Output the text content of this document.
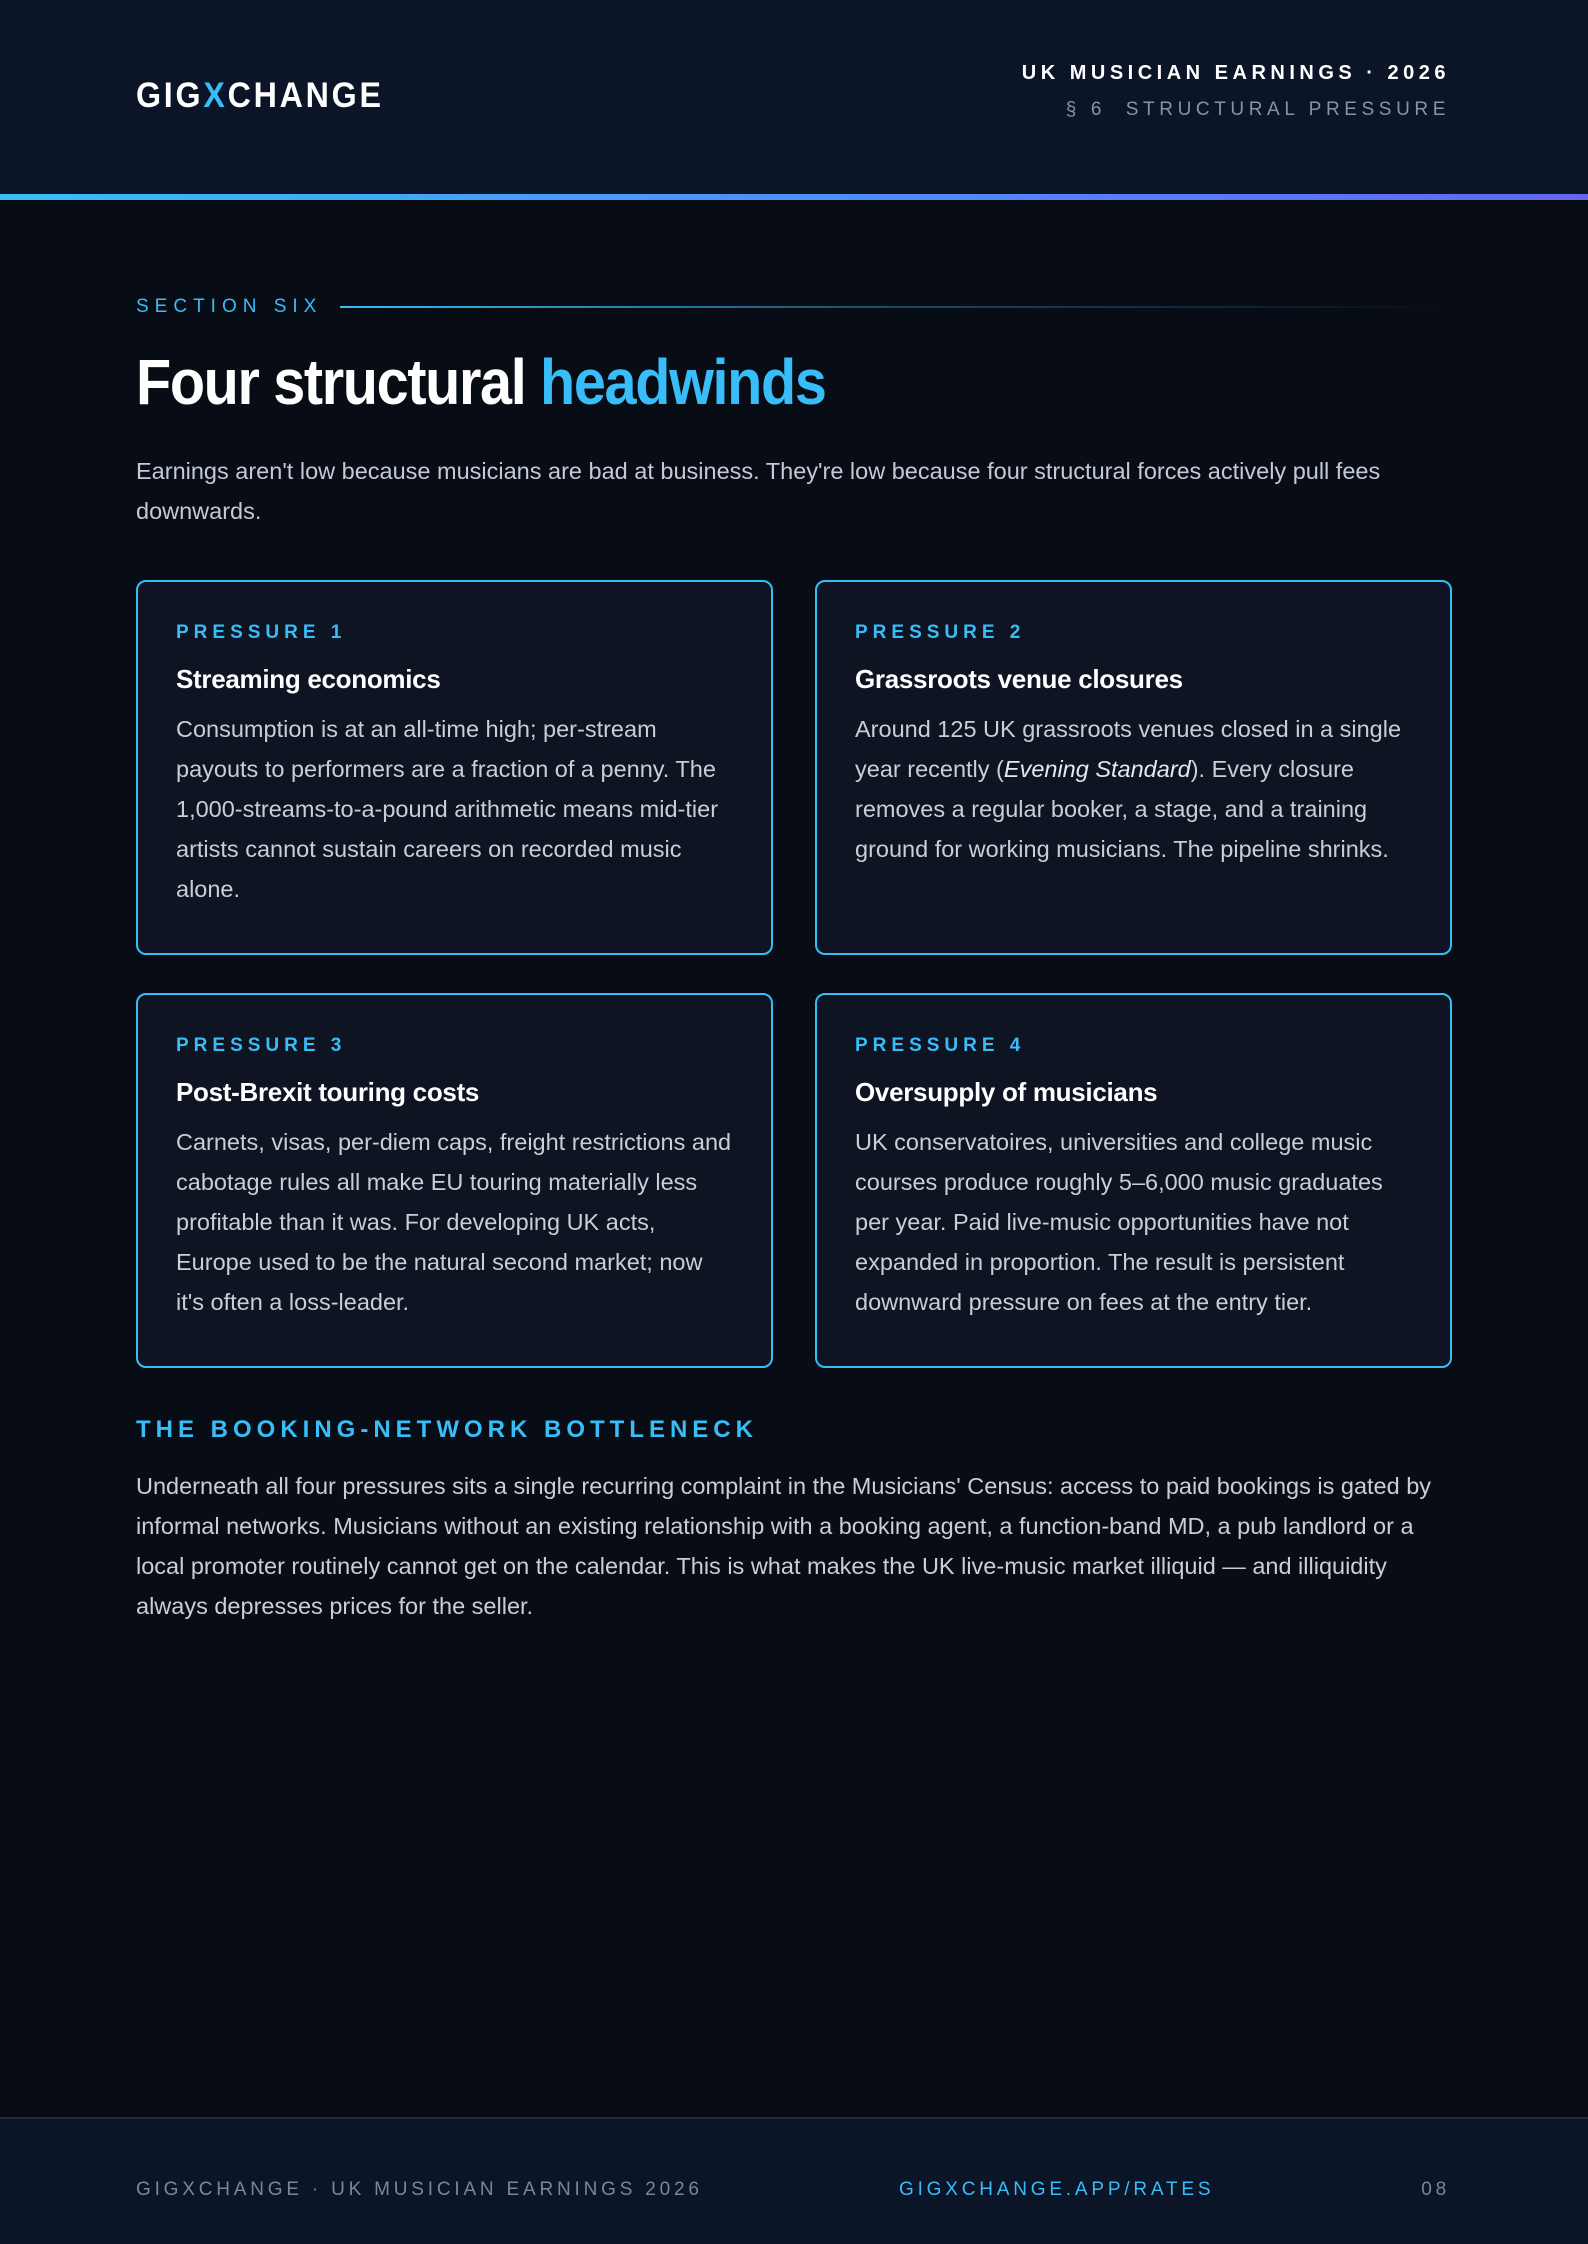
GIGXCHANGE
UK MUSICIAN EARNINGS · 2026
§ 6  STRUCTURAL PRESSURE
SECTION SIX
Four structural headwinds

Earnings aren't low because musicians are bad at business. They're low because four structural forces actively pull fees downwards.

PRESSURE 1
Streaming economics

Consumption is at an all-time high; per-stream payouts to performers are a fraction of a penny. The 1,000-streams-to-a-pound arithmetic means mid-tier artists cannot sustain careers on recorded music alone.

PRESSURE 2
Grassroots venue closures

Around 125 UK grassroots venues closed in a single year recently (Evening Standard). Every closure removes a regular booker, a stage, and a training ground for working musicians. The pipeline shrinks.

PRESSURE 3
Post-Brexit touring costs

Carnets, visas, per-diem caps, freight restrictions and cabotage rules all make EU touring materially less profitable than it was. For developing UK acts, Europe used to be the natural second market; now it's often a loss-leader.

PRESSURE 4
Oversupply of musicians

UK conservatoires, universities and college music courses produce roughly 5–6,000 music graduates per year. Paid live-music opportunities have not expanded in proportion. The result is persistent downward pressure on fees at the entry tier.

THE BOOKING-NETWORK BOTTLENECK

Underneath all four pressures sits a single recurring complaint in the Musicians' Census: access to paid bookings is gated by informal networks. Musicians without an existing relationship with a booking agent, a function-band MD, a pub landlord or a local promoter routinely cannot get on the calendar. This is what makes the UK live-music market illiquid — and illiquidity always depresses prices for the seller.

GIGXCHANGE · UK MUSICIAN EARNINGS 2026	GIGXCHANGE.APP/RATES	08
